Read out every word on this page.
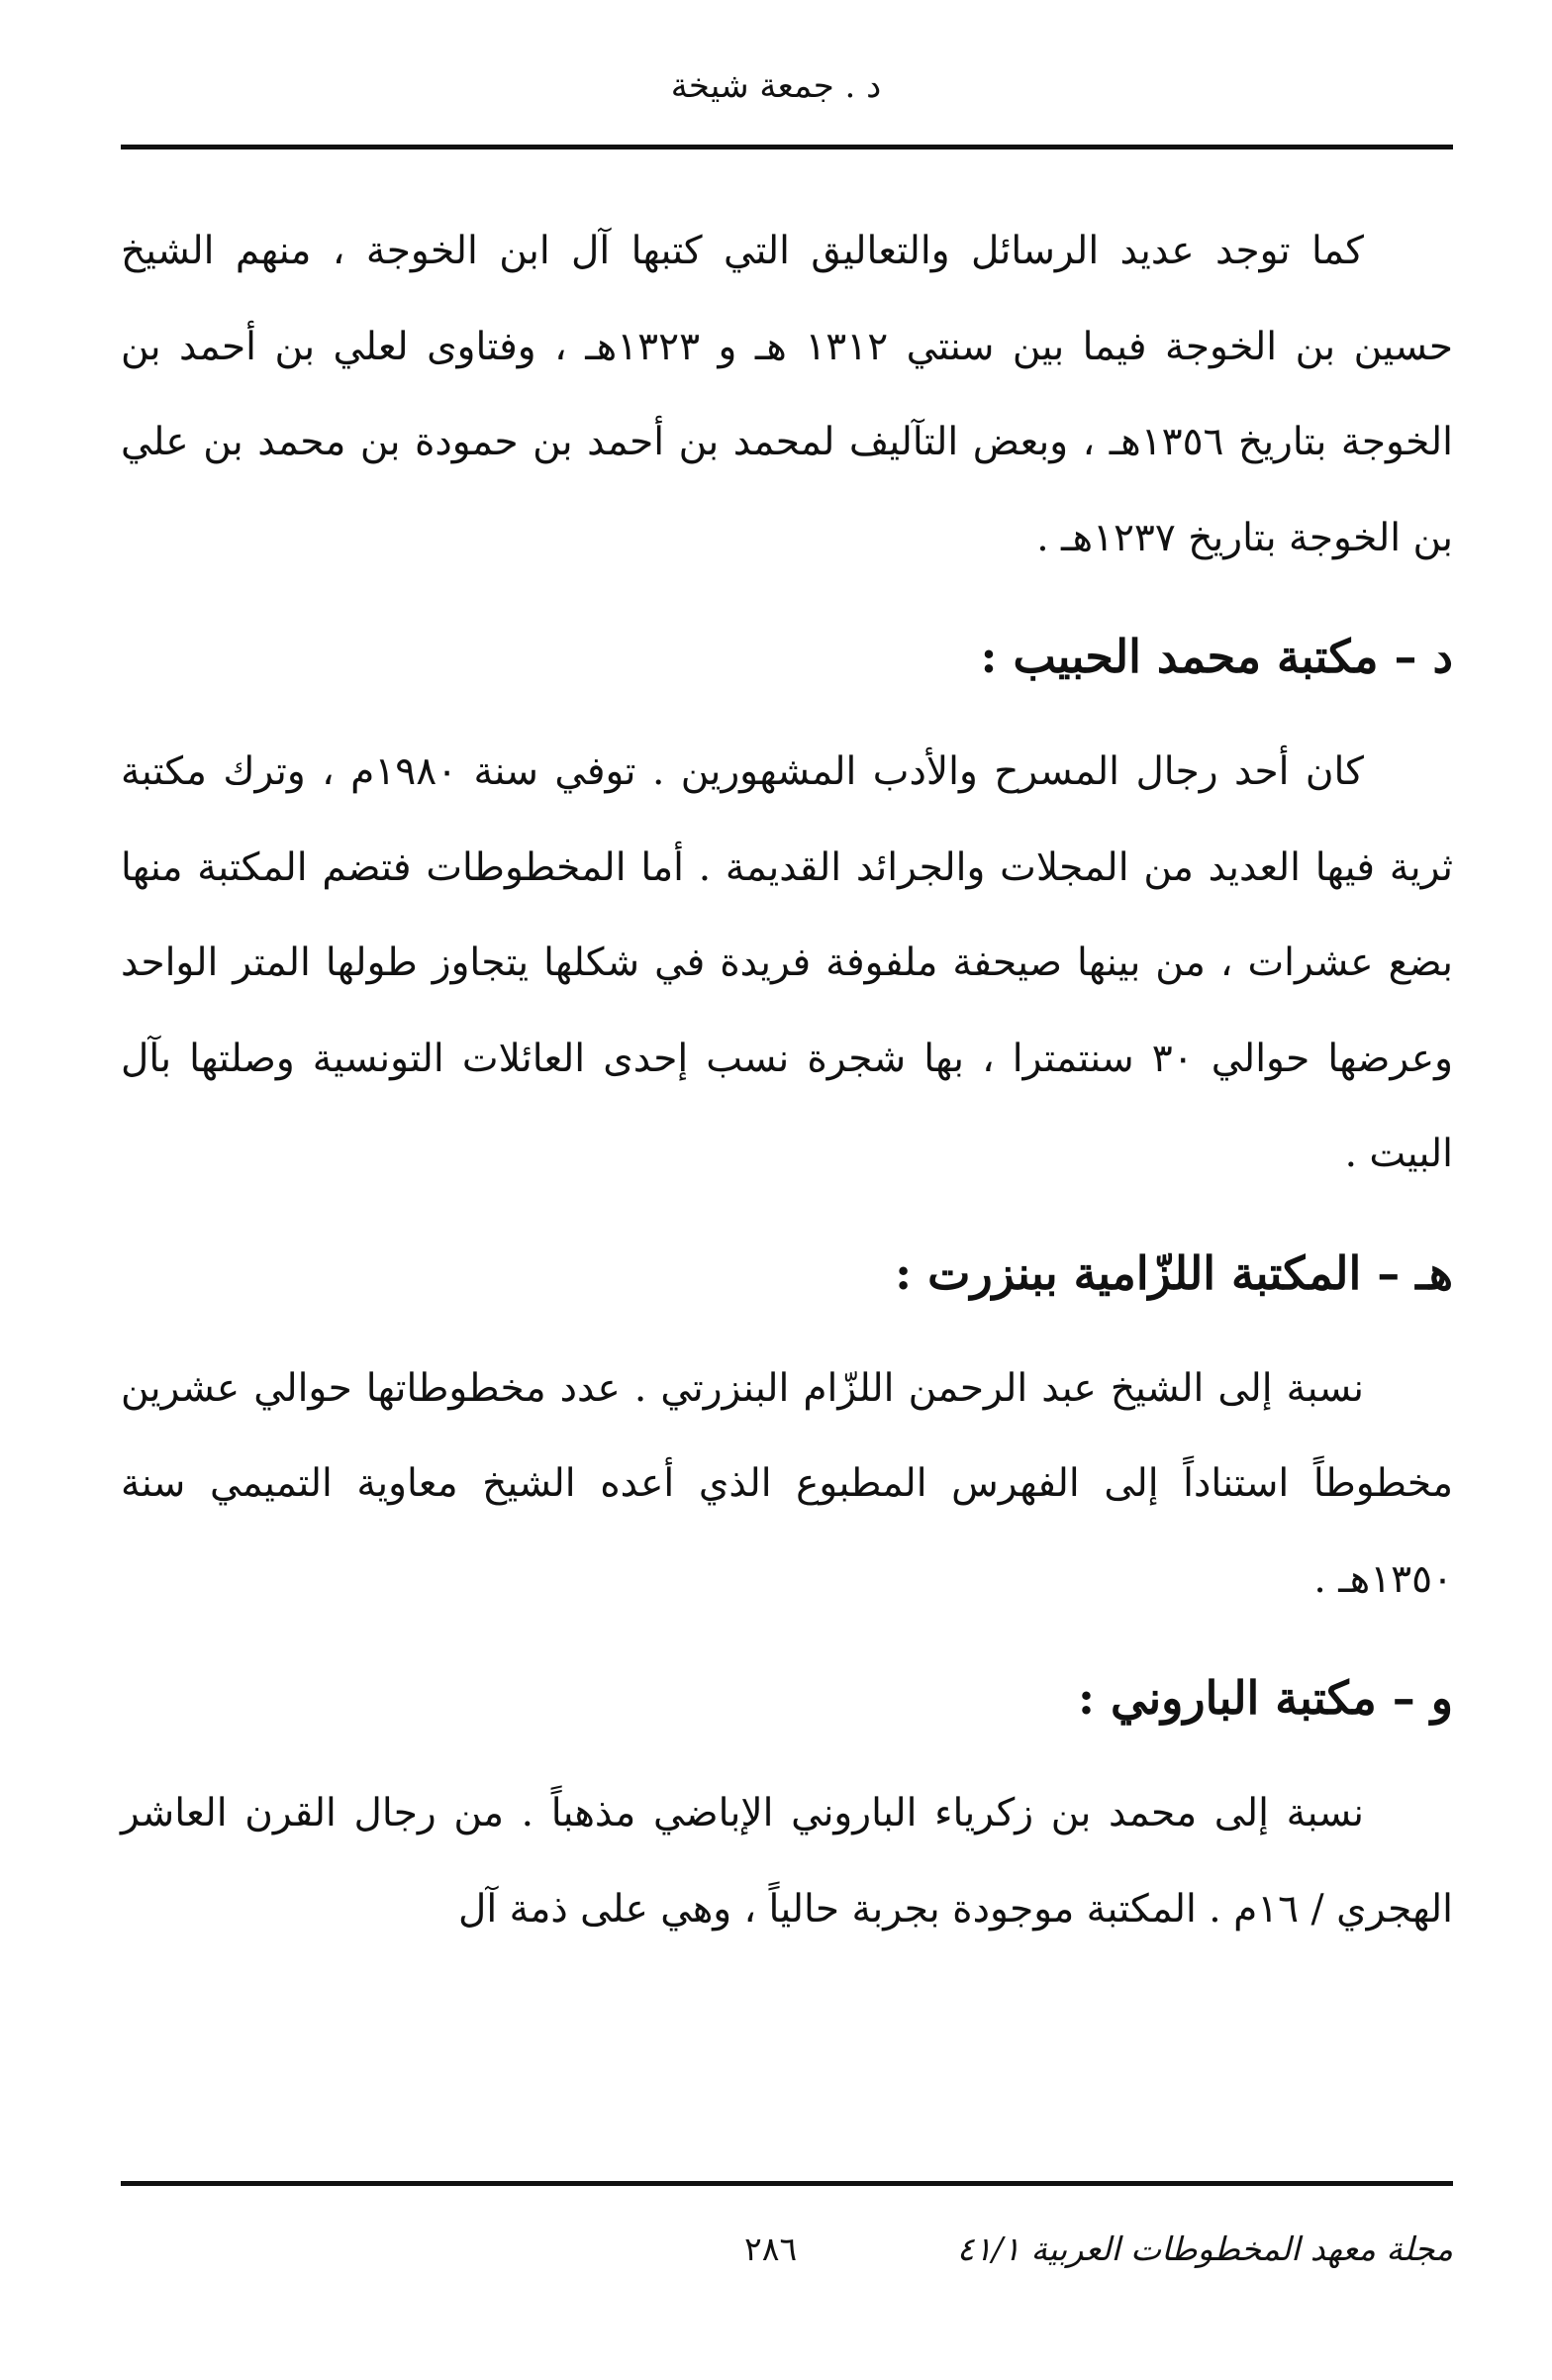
د . جمعة شيخة

كما توجد عديد الرسائل والتعاليق التي كتبها آل ابن الخوجة ، منهم الشيخ حسين بن الخوجة فيما بين سنتي ١٣١٢ هـ و ١٣٢٣هـ ، وفتاوى لعلي بن أحمد بن الخوجة بتاريخ ١٣٥٦هـ ، وبعض التآليف لمحمد بن أحمد بن حمودة بن محمد بن علي بن الخوجة بتاريخ ١٢٣٧هـ .

د – مكتبة محمد الحبيب :

كان أحد رجال المسرح والأدب المشهورين . توفي سنة ١٩٨٠م ، وترك مكتبة ثرية فيها العديد من المجلات والجرائد القديمة . أما المخطوطات فتضم المكتبة منها بضع عشرات ، من بينها صيحفة ملفوفة فريدة في شكلها يتجاوز طولها المتر الواحد وعرضها حوالي ٣٠ سنتمترا ، بها شجرة نسب إحدى العائلات التونسية وصلتها بآل البيت .

هـ – المكتبة اللزّامية ببنزرت :

نسبة إلى الشيخ عبد الرحمن اللزّام البنزرتي . عدد مخطوطاتها حوالي عشرين مخطوطاً استناداً إلى الفهرس المطبوع الذي أعده الشيخ معاوية التميمي سنة ١٣٥٠هـ .

و – مكتبة الباروني :

نسبة إلى محمد بن زكرياء الباروني الإباضي مذهباً . من رجال القرن العاشر الهجري / ١٦م . المكتبة موجودة بجربة حالياً ، وهي على ذمة آل

مجلة معهد المخطوطات العربية ٤١/١
٢٨٦
